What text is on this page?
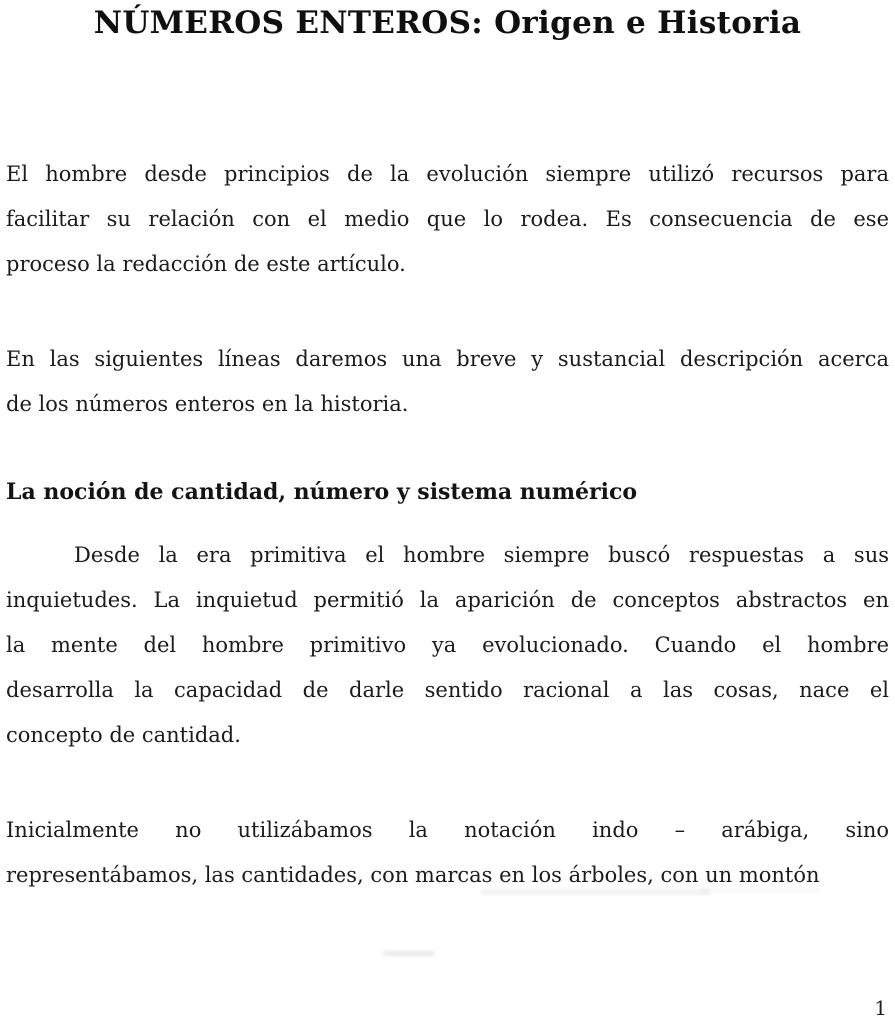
NÚMEROS ENTEROS: Origen e Historia
El hombre desde principios de la evolución siempre utilizó recursos para
facilitar su relación con el medio que lo rodea. Es consecuencia de ese
proceso la redacción de este artículo.
En las siguientes líneas daremos una breve y sustancial descripción acerca
de los números enteros en la historia.
La noción de cantidad, número y sistema numérico
Desde la era primitiva el hombre siempre buscó respuestas a sus
inquietudes. La inquietud permitió la aparición de conceptos abstractos en
la mente del hombre primitivo ya evolucionado. Cuando el hombre
desarrolla la capacidad de darle sentido racional a las cosas, nace el
concepto de cantidad.
Inicialmente no utilizábamos la notación indo – arábiga, sino
representábamos, las cantidades, con marcas en los árboles, con un montón
1
